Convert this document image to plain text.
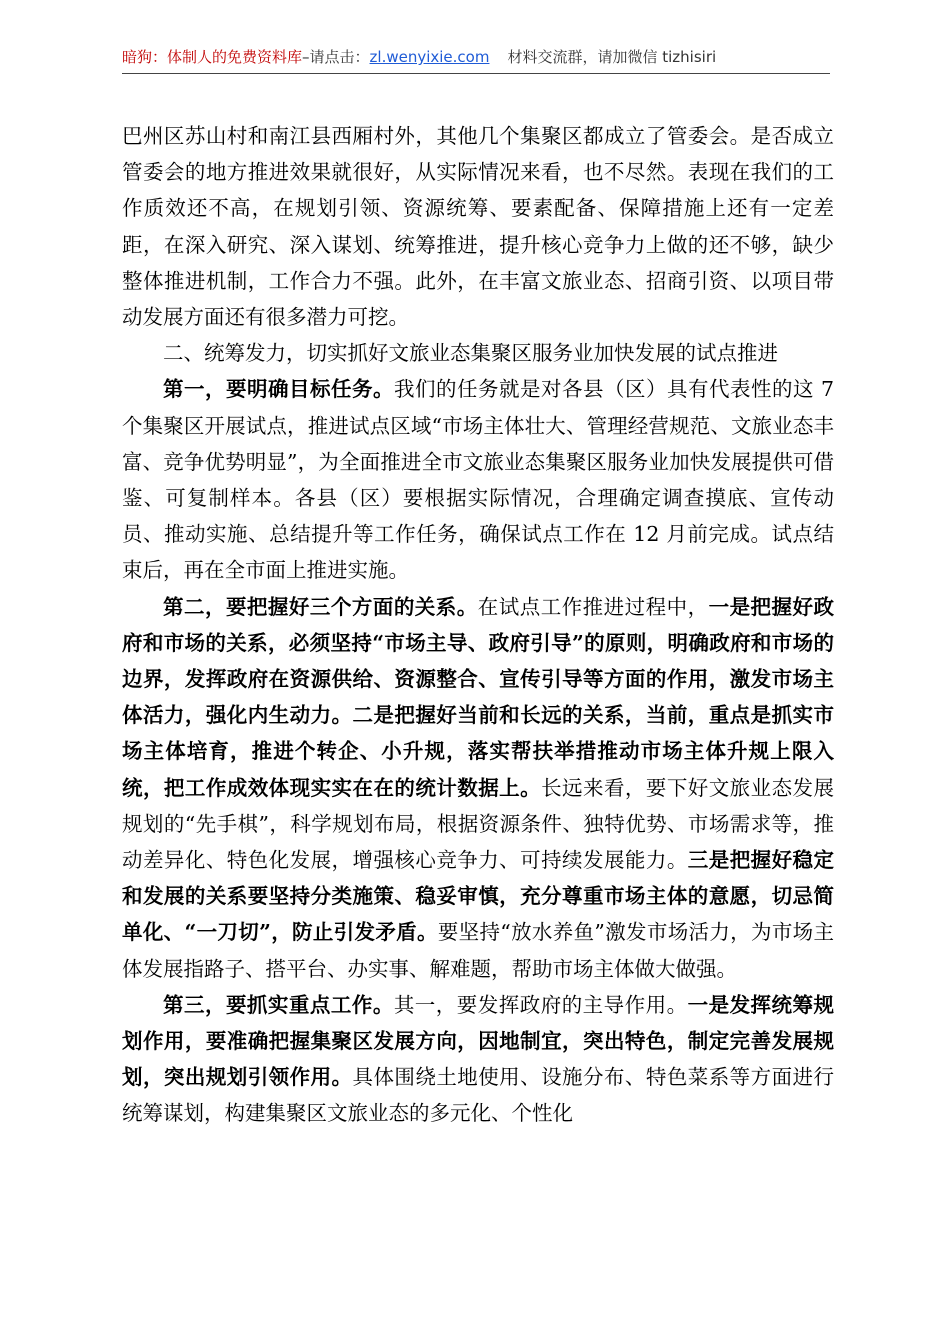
暗狗：体制人的免费资料库–请点击：zl.wenyixie.com 材料交流群，请加微信 tizhisiri

巴州区苏山村和南江县西厢村外，其他几个集聚区都成立了管委会。是否成立管委会的地方推进效果就很好，从实际情况来看，也不尽然。表现在我们的工作质效还不高，在规划引领、资源统筹、要素配备、保障措施上还有一定差距，在深入研究、深入谋划、统筹推进，提升核心竞争力上做的还不够，缺少整体推进机制，工作合力不强。此外，在丰富文旅业态、招商引资、以项目带动发展方面还有很多潜力可挖。

二、统筹发力，切实抓好文旅业态集聚区服务业加快发展的试点推进

第一，要明确目标任务。我们的任务就是对各县（区）具有代表性的这 7 个集聚区开展试点，推进试点区域“市场主体壮大、管理经营规范、文旅业态丰富、竞争优势明显”，为全面推进全市文旅业态集聚区服务业加快发展提供可借鉴、可复制样本。各县（区）要根据实际情况，合理确定调查摸底、宣传动员、推动实施、总结提升等工作任务，确保试点工作在 12 月前完成。试点结束后，再在全市面上推进实施。

第二，要把握好三个方面的关系。在试点工作推进过程中，一是把握好政府和市场的关系，必须坚持“市场主导、政府引导”的原则，明确政府和市场的边界，发挥政府在资源供给、资源整合、宣传引导等方面的作用，激发市场主体活力，强化内生动力。二是把握好当前和长远的关系，当前，重点是抓实市场主体培育，推进个转企、小升规，落实帮扶举措推动市场主体升规上限入统，把工作成效体现实实在在的统计数据上。长远来看，要下好文旅业态发展规划的“先手棋”，科学规划布局，根据资源条件、独特优势、市场需求等，推动差异化、特色化发展，增强核心竞争力、可持续发展能力。三是把握好稳定和发展的关系要坚持分类施策、稳妥审慎，充分尊重市场主体的意愿，切忌简单化、“一刀切”，防止引发矛盾。要坚持“放水养鱼”激发市场活力，为市场主体发展指路子、搭平台、办实事、解难题，帮助市场主体做大做强。

第三，要抓实重点工作。其一，要发挥政府的主导作用。一是发挥统筹规划作用，要准确把握集聚区发展方向，因地制宜，突出特色，制定完善发展规划，突出规划引领作用。具体围绕土地使用、设施分布、特色菜系等方面进行统筹谋划，构建集聚区文旅业态的多元化、个性化
